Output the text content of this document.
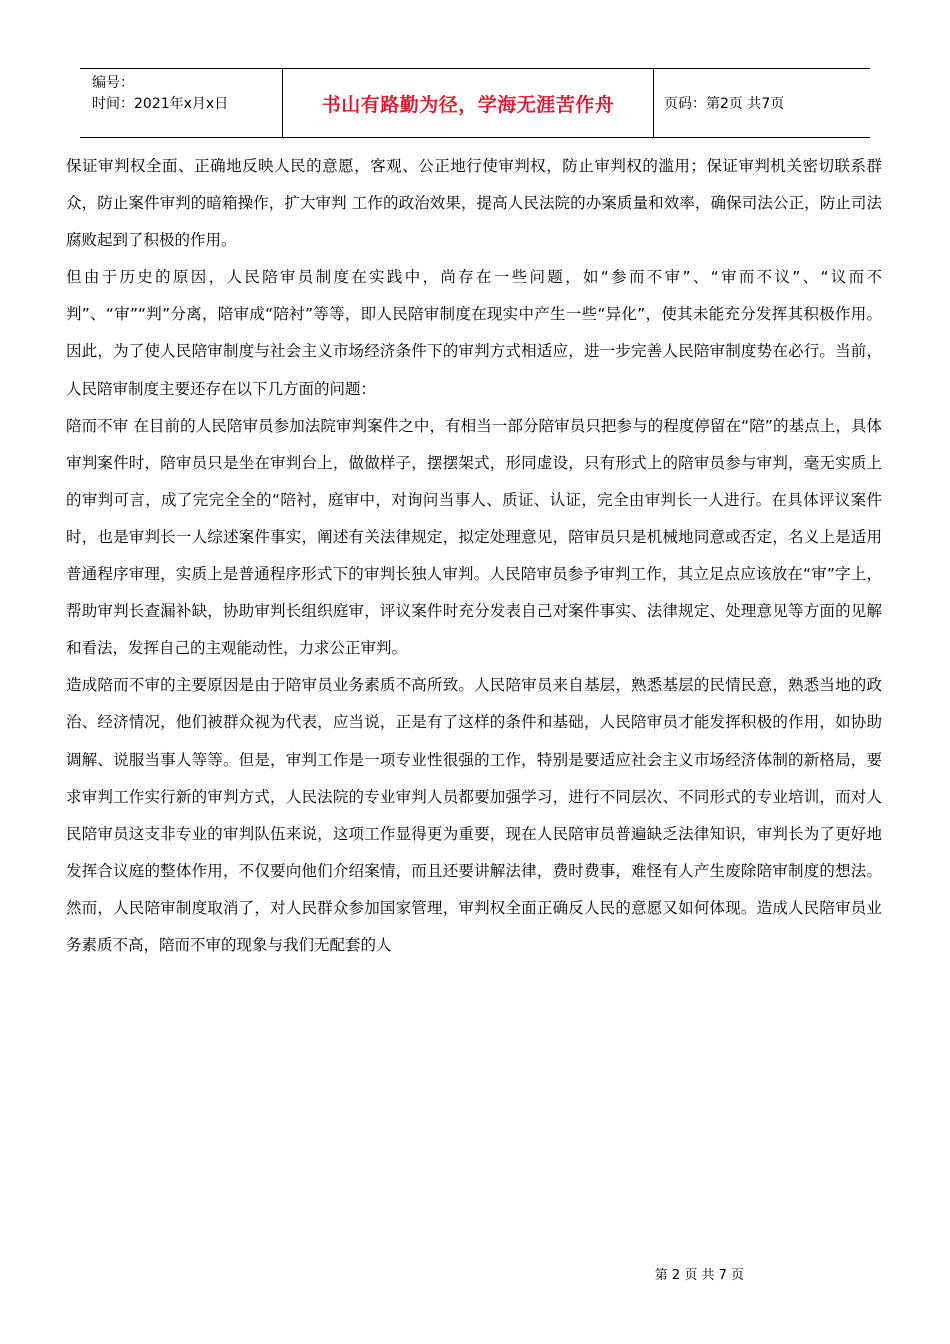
编号：
时间：2021年x月x日	书山有路勤为径，学海无涯苦作舟	页码：第2页 共7页

保证审判权全面、正确地反映人民的意愿，客观、公正地行使审判权，防止审判权的滥用；保证审判机关密切联系群众，防止案件审判的暗箱操作，扩大审判 工作的政治效果，提高人民法院的办案质量和效率，确保司法公正，防止司法腐败起到了积极的作用。

但由于历史的原因，人民陪审员制度在实践中，尚存在一些问题，如“参而不审”、“审而不议”、“议而不判”、“审”“判”分离，陪审成“陪衬”等等，即人民陪审制度在现实中产生一些“异化”，使其未能充分发挥其积极作用。因此，为了使人民陪审制度与社会主义市场经济条件下的审判方式相适应，进一步完善人民陪审制度势在必行。当前，人民陪审制度主要还存在以下几方面的问题：

陪而不审 在目前的人民陪审员参加法院审判案件之中，有相当一部分陪审员只把参与的程度停留在“陪”的基点上，具体审判案件时，陪审员只是坐在审判台上，做做样子，摆摆架式，形同虚设，只有形式上的陪审员参与审判，毫无实质上的审判可言，成了完完全全的“陪衬，庭审中，对询问当事人、质证、认证，完全由审判长一人进行。在具体评议案件时，也是审判长一人综述案件事实，阐述有关法律规定，拟定处理意见，陪审员只是机械地同意或否定，名义上是适用普通程序审理，实质上是普通程序形式下的审判长独人审判。人民陪审员参予审判工作，其立足点应该放在“审”字上，帮助审判长查漏补缺，协助审判长组织庭审，评议案件时充分发表自己对案件事实、法律规定、处理意见等方面的见解和看法，发挥自己的主观能动性，力求公正审判。

造成陪而不审的主要原因是由于陪审员业务素质不高所致。人民陪审员来自基层，熟悉基层的民情民意，熟悉当地的政治、经济情况，他们被群众视为代表，应当说，正是有了这样的条件和基础，人民陪审员才能发挥积极的作用，如协助调解、说服当事人等等。但是，审判工作是一项专业性很强的工作，特别是要适应社会主义市场经济体制的新格局，要求审判工作实行新的审判方式，人民法院的专业审判人员都要加强学习，进行不同层次、不同形式的专业培训，而对人民陪审员这支非专业的审判队伍来说，这项工作显得更为重要，现在人民陪审员普遍缺乏法律知识，审判长为了更好地发挥合议庭的整体作用，不仅要向他们介绍案情，而且还要讲解法律，费时费事，难怪有人产生废除陪审制度的想法。然而，人民陪审制度取消了，对人民群众参加国家管理，审判权全面正确反人民的意愿又如何体现。造成人民陪审员业务素质不高，陪而不审的现象与我们无配套的人

第 2 页 共 7 页
